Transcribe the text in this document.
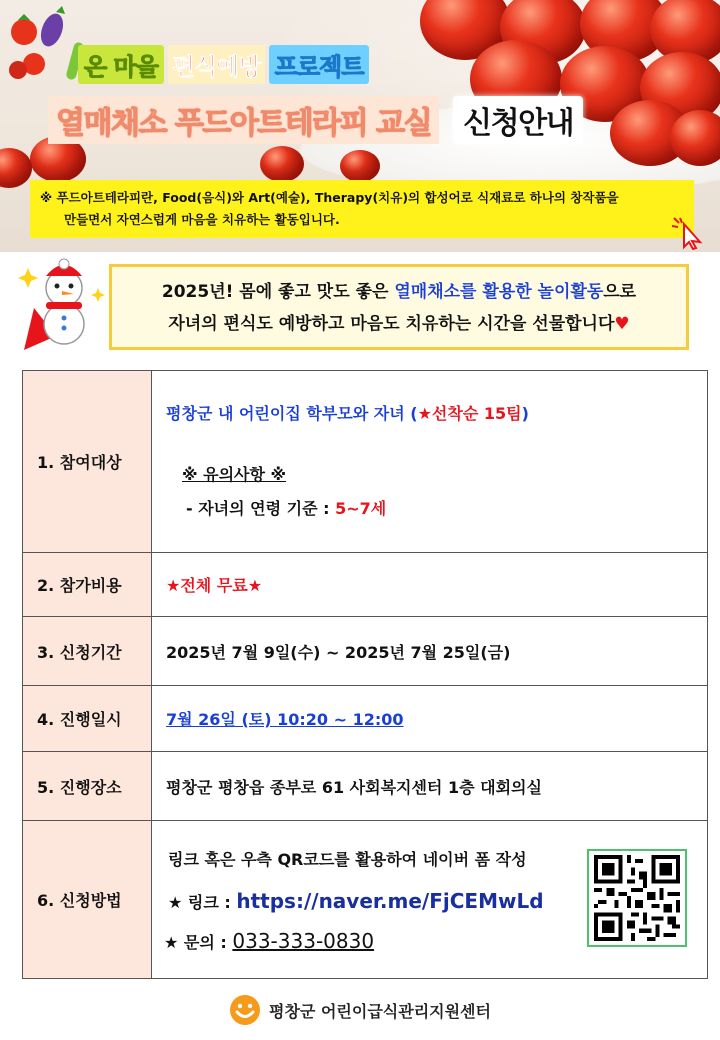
온 마을 편식예방 프로젝트
열매채소 푸드아트테라피 교실	신청안내
※ 푸드아트테라피란, Food(음식)와 Art(예술), Therapy(치유)의 합성어로 식재료로 하나의 창작품을
만들면서 자연스럽게 마음을 치유하는 활동입니다.
2025년! 몸에 좋고 맛도 좋은 열매채소를 활용한 놀이활동으로
자녀의 편식도 예방하고 마음도 치유하는 시간을 선물합니다♥
1. 참여대상	평창군 내 어린이집 학부모와 자녀 (★선착순 15팀)
※ 유의사항 ※
- 자녀의 연령 기준 : 5~7세

2. 참가비용	★전체 무료★
3. 신청기간	2025년 7월 9일(수) ~ 2025년 7월 25일(금)
4. 진행일시	7월 26일 (토) 10:20 ~ 12:00
5. 진행장소	평창군 평창읍 종부로 61 사회복지센터 1층 대회의실
6. 신청방법	링크 혹은 우측 QR코드를 활용하여 네이버 폼 작성
★ 링크 : https://naver.me/FjCEMwLd
★ 문의 : 033-333-0830
평창군 어린이급식관리지원센터
